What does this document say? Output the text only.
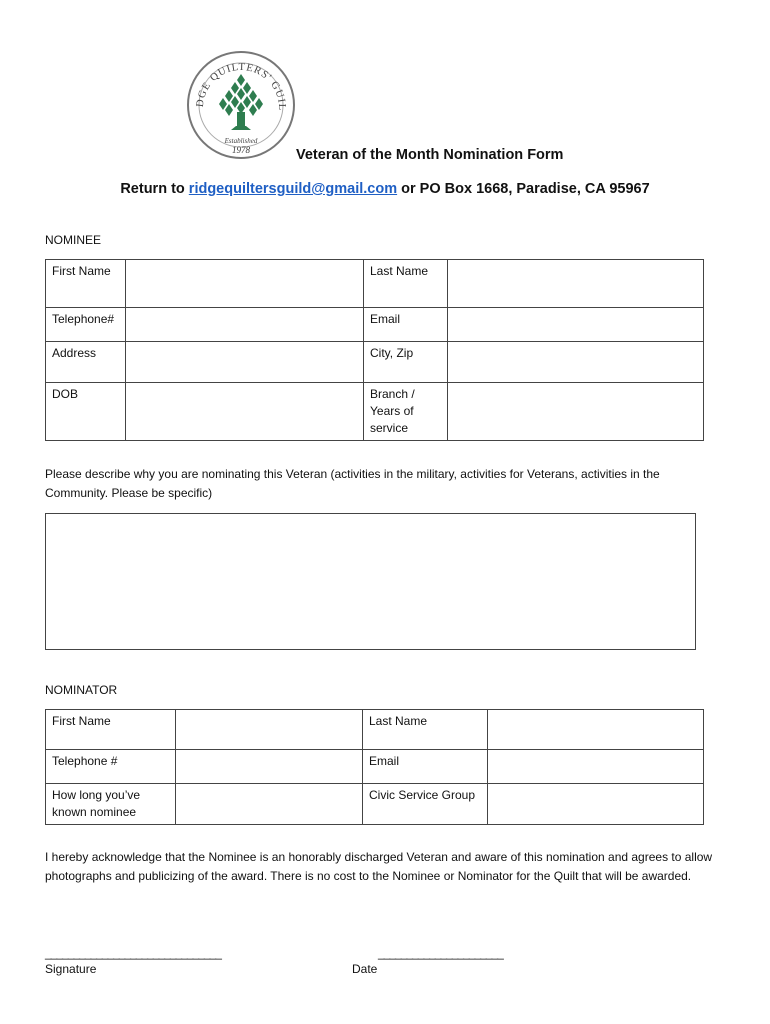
DGE QUILTERS' GUIL
Established
1978	Veteran of the Month Nomination Form
Return to ridgequiltersguild@gmail.com or PO Box 1668, Paradise, CA 95967
NOMINEE
First Name		Last Name	
Telephone#		Email	
Address		City, Zip	
DOB		Branch / Years of service	
Please describe why you are nominating this Veteran (activities in the military, activities for Veterans, activities in the Community. Please be specific)
NOMINATOR
First Name		Last Name	
Telephone #		Email	
How long you’ve known nominee		Civic Service Group	
I hereby acknowledge that the Nominee is an honorably discharged Veteran and aware of this nomination and agrees to allow photographs and publicizing of the award. There is no cost to the Nominee or Nominator for the Quilt that will be awarded.
_______________________________
Signature
______________________
Date
